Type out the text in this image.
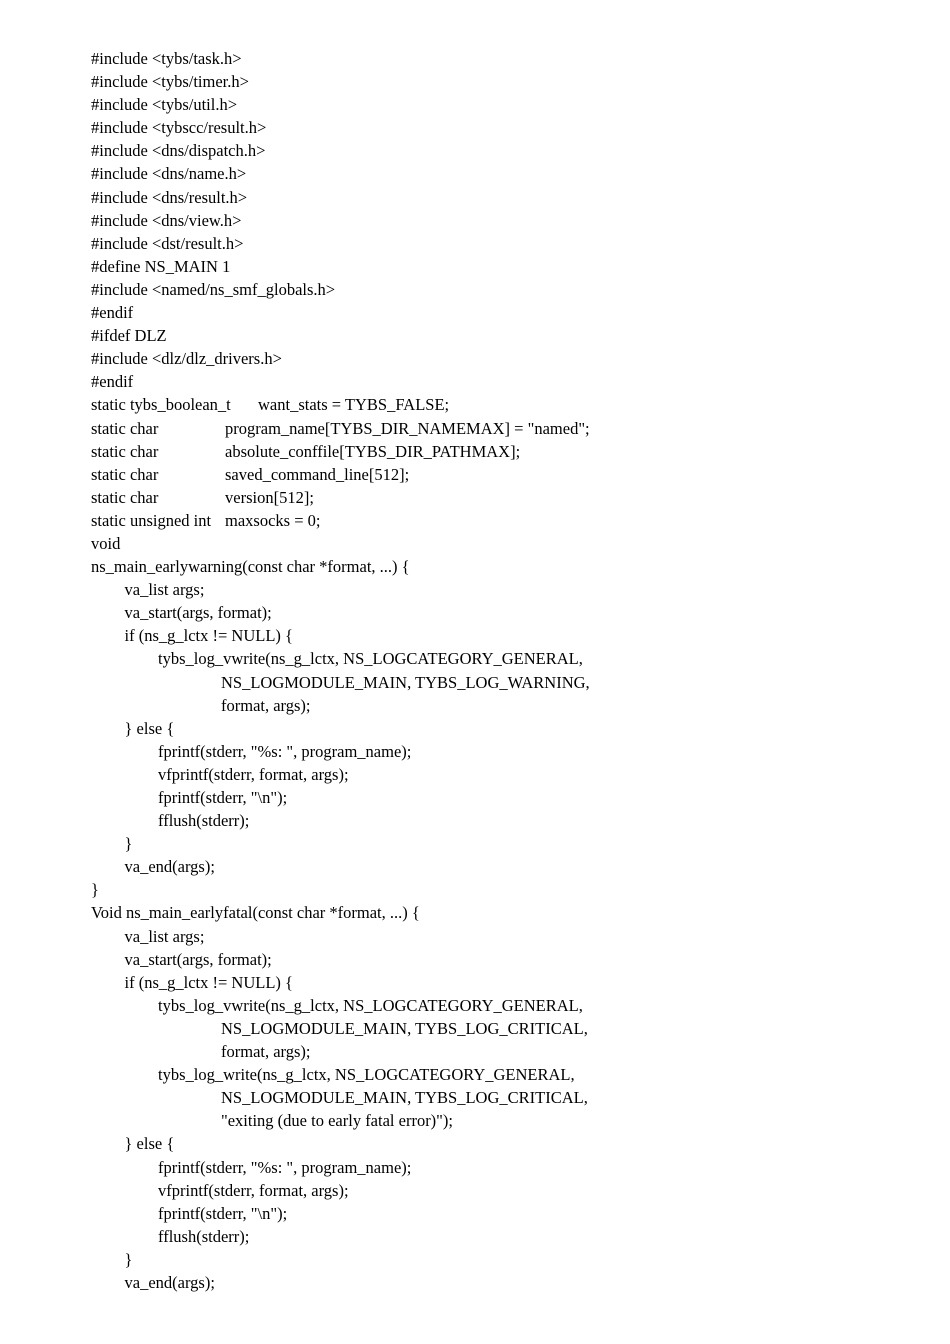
#include <tybs/task.h>
#include <tybs/timer.h>
#include <tybs/util.h>
#include <tybscc/result.h>
#include <dns/dispatch.h>
#include <dns/name.h>
#include <dns/result.h>
#include <dns/view.h>
#include <dst/result.h>
#define NS_MAIN 1
#include <named/ns_smf_globals.h>
#endif
#ifdef DLZ
#include <dlz/dlz_drivers.h>
#endif
static tybs_boolean_t want_stats = TYBS_FALSE;
static char	program_name[TYBS_DIR_NAMEMAX] = "named";
static char	absolute_conffile[TYBS_DIR_PATHMAX];
static char	saved_command_line[512];
static char	version[512];
static unsigned int maxsocks = 0;
void
ns_main_earlywarning(const char *format, ...) {
va_list args;
va_start(args, format);
if (ns_g_lctx != NULL) {
tybs_log_vwrite(ns_g_lctx, NS_LOGCATEGORY_GENERAL,
NS_LOGMODULE_MAIN, TYBS_LOG_WARNING,
format, args);
} else {
fprintf(stderr, "%s: ", program_name);
vfprintf(stderr, format, args);
fprintf(stderr, "\n");
fflush(stderr);
}
va_end(args);
}
Void ns_main_earlyfatal(const char *format, ...) {
va_list args;
va_start(args, format);
if (ns_g_lctx != NULL) {
tybs_log_vwrite(ns_g_lctx, NS_LOGCATEGORY_GENERAL,
NS_LOGMODULE_MAIN, TYBS_LOG_CRITICAL,
format, args);
tybs_log_write(ns_g_lctx, NS_LOGCATEGORY_GENERAL,
NS_LOGMODULE_MAIN, TYBS_LOG_CRITICAL,
"exiting (due to early fatal error)");
} else {
fprintf(stderr, "%s: ", program_name);
vfprintf(stderr, format, args);
fprintf(stderr, "\n");
fflush(stderr);
}
va_end(args);
